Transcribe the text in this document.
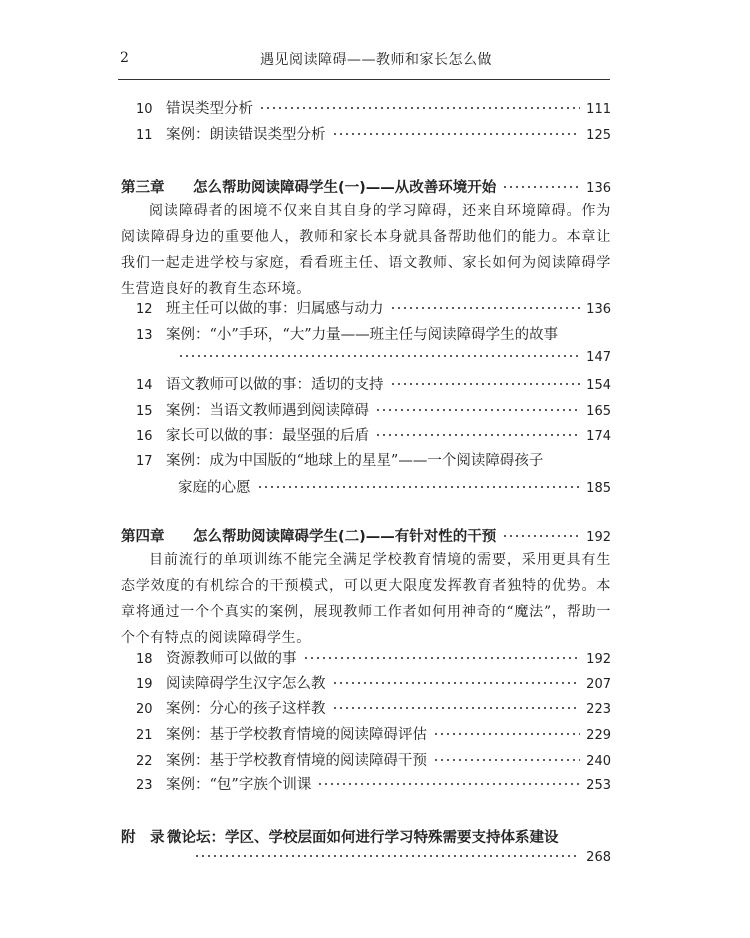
2	遇见阅读障碍——教师和家长怎么做
10 错误类型分析	111
11 案例：朗读错误类型分析	125
第三章	怎么帮助阅读障碍学生(一)——从改善环境开始	136
阅读障碍者的困境不仅来自其自身的学习障碍，还来自环境障碍。作为阅读障碍身边的重要他人，教师和家长本身就具备帮助他们的能力。本章让我们一起走进学校与家庭，看看班主任、语文教师、家长如何为阅读障碍学生营造良好的教育生态环境。
12 班主任可以做的事：归属感与动力	136
13 案例：“小”手环，“大”力量——班主任与阅读障碍学生的故事
147
14 语文教师可以做的事：适切的支持	154
15 案例：当语文教师遇到阅读障碍	165
16 家长可以做的事：最坚强的后盾	174
17 案例：成为中国版的“地球上的星星”——一个阅读障碍孩子
家庭的心愿	185
第四章	怎么帮助阅读障碍学生(二)——有针对性的干预	192
目前流行的单项训练不能完全满足学校教育情境的需要，采用更具有生态学效度的有机综合的干预模式，可以更大限度发挥教育者独特的优势。本章将通过一个个真实的案例，展现教师工作者如何用神奇的“魔法”，帮助一个个有特点的阅读障碍学生。
18 资源教师可以做的事	192
19 阅读障碍学生汉字怎么教	207
20 案例：分心的孩子这样教	223
21 案例：基于学校教育情境的阅读障碍评估	229
22 案例：基于学校教育情境的阅读障碍干预	240
23 案例：“包”字族个训课	253
附　录 微论坛：学区、学校层面如何进行学习特殊需要支持体系建设
268
